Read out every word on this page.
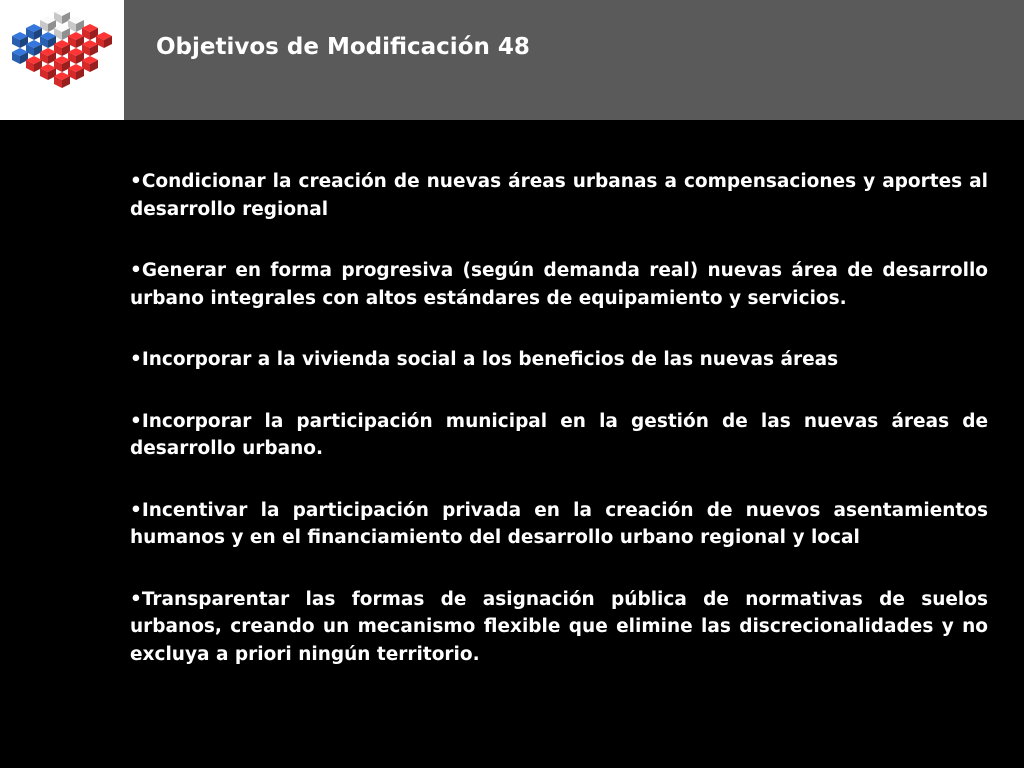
Objetivos de Modificación 48
•Condicionar la creación de nuevas áreas urbanas a compensaciones y aportes al desarrollo regional
•Generar en forma progresiva (según demanda real) nuevas área de desarrollo urbano integrales con altos estándares de equipamiento y servicios.
•Incorporar a la vivienda social a los beneficios de las nuevas áreas
•Incorporar la participación municipal en la gestión de las nuevas áreas de desarrollo urbano.
•Incentivar la participación privada en la creación de nuevos asentamientos humanos y en el financiamiento del desarrollo urbano regional y local
•Transparentar las formas de asignación pública de normativas de suelos urbanos, creando un mecanismo flexible que elimine las discrecionalidades y no excluya a priori ningún territorio.
